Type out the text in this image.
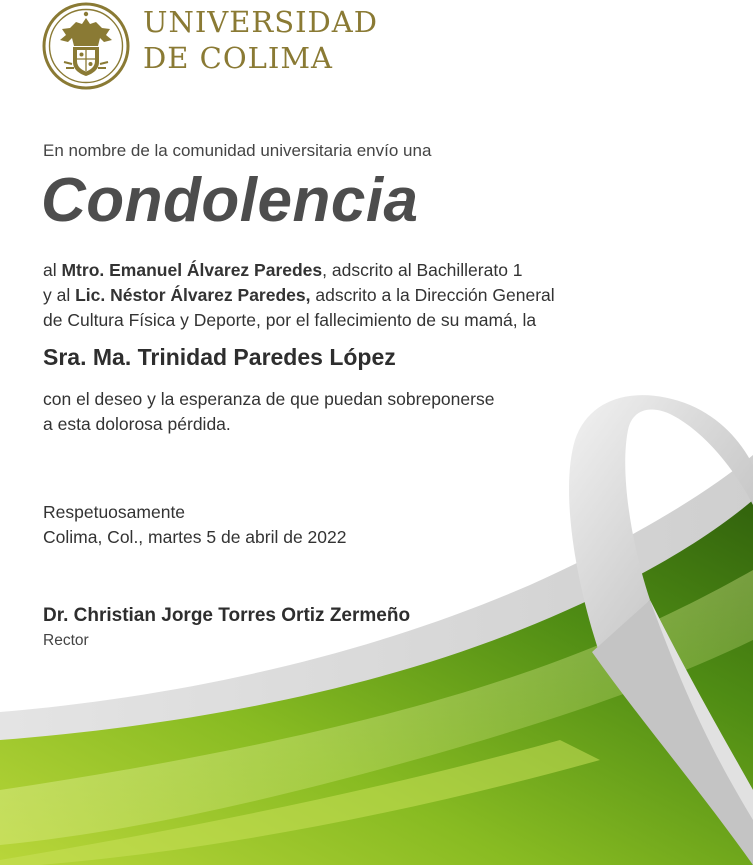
UNIVERSIDAD
DE COLIMA
En nombre de la comunidad universitaria envío una
Condolencia
al Mtro. Emanuel Álvarez Paredes, adscrito al Bachillerato 1
y al Lic. Néstor Álvarez Paredes, adscrito a la Dirección General
de Cultura Física y Deporte, por el fallecimiento de su mamá, la
Sra. Ma. Trinidad Paredes López
con el deseo y la esperanza de que puedan sobreponerse
a esta dolorosa pérdida.
Respetuosamente
Colima, Col., martes 5 de abril de 2022
Dr. Christian Jorge Torres Ortiz Zermeño
Rector
